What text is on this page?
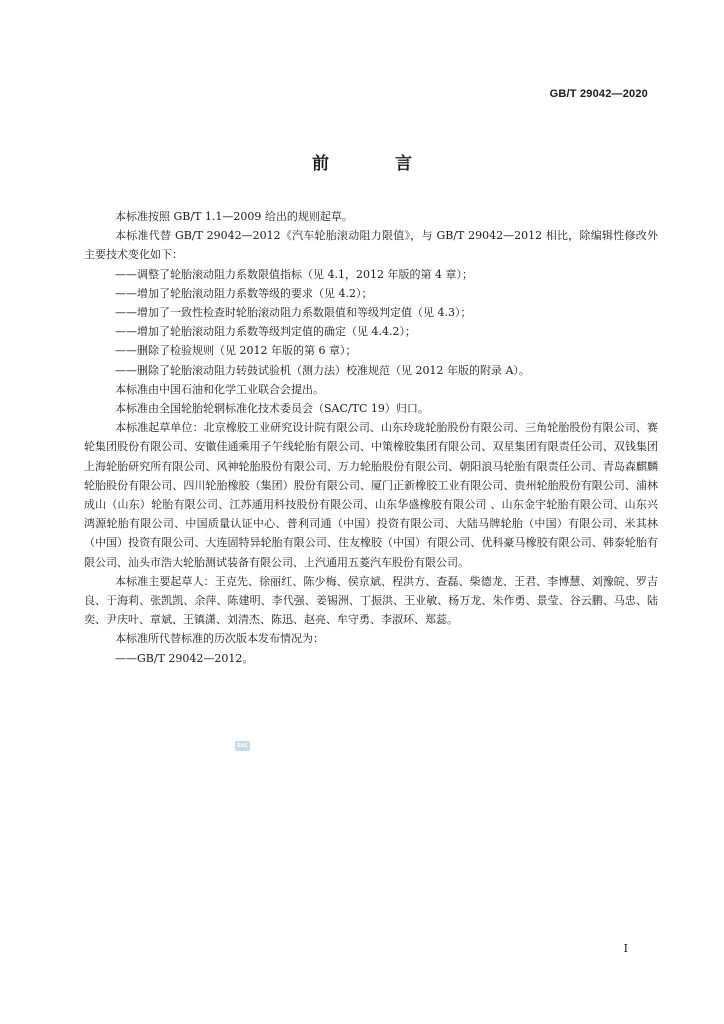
GB/T 29042—2020
前 言

本标准按照 GB/T 1.1—2009 给出的规则起草。

本标准代替 GB/T 29042—2012《汽车轮胎滚动阻力限值》，与 GB/T 29042—2012 相比，除编辑性修改外主要技术变化如下：

——调整了轮胎滚动阻力系数限值指标（见 4.1，2012 年版的第 4 章）；

——增加了轮胎滚动阻力系数等级的要求（见 4.2）；

——增加了一致性检查时轮胎滚动阻力系数限值和等级判定值（见 4.3）；

——增加了轮胎滚动阻力系数等级判定值的确定（见 4.4.2）；

——删除了检验规则（见 2012 年版的第 6 章）；

——删除了轮胎滚动阻力转鼓试验机（测力法）校准规范（见 2012 年版的附录 A）。

本标准由中国石油和化学工业联合会提出。

本标准由全国轮胎轮辋标准化技术委员会（SAC/TC 19）归口。

本标准起草单位：北京橡胶工业研究设计院有限公司、山东玲珑轮胎股份有限公司、三角轮胎股份有限公司、赛轮集团股份有限公司、安徽佳通乘用子午线轮胎有限公司、中策橡胶集团有限公司、双星集团有限责任公司、双钱集团上海轮胎研究所有限公司、风神轮胎股份有限公司、万力轮胎股份有限公司、朝阳浪马轮胎有限责任公司、青岛森麒麟轮胎股份有限公司、四川轮胎橡胶（集团）股份有限公司、厦门正新橡胶工业有限公司、贵州轮胎股份有限公司、浦林成山（山东）轮胎有限公司、江苏通用科技股份有限公司、山东华盛橡胶有限公司 、山东金宇轮胎有限公司、山东兴鸿源轮胎有限公司、中国质量认证中心、普利司通（中国）投资有限公司、大陆马牌轮胎（中国）有限公司、米其林（中国）投资有限公司、大连固特异轮胎有限公司、住友橡胶（中国）有限公司、优科豪马橡胶有限公司、韩泰轮胎有限公司、汕头市浩大轮胎测试装备有限公司、上汽通用五菱汽车股份有限公司。

本标准主要起草人：王克先、徐丽红、陈少梅、侯京斌、程洪方、查磊、柴德龙、王君、李博慧、刘豫皖、罗吉良、于海莉、张凯凯、余萍、陈建明、李代强、姜锡洲、丁振洪、王业敏、杨万龙、朱作勇、景莹、谷云鹏、马忠、陆奕、尹庆叶、章斌、王镇潇、刘清杰、陈迅、赵亮、牟守勇、李淑环、郑蕊。

本标准所代替标准的历次版本发布情况为：

——GB/T 29042—2012。

SAC
I
